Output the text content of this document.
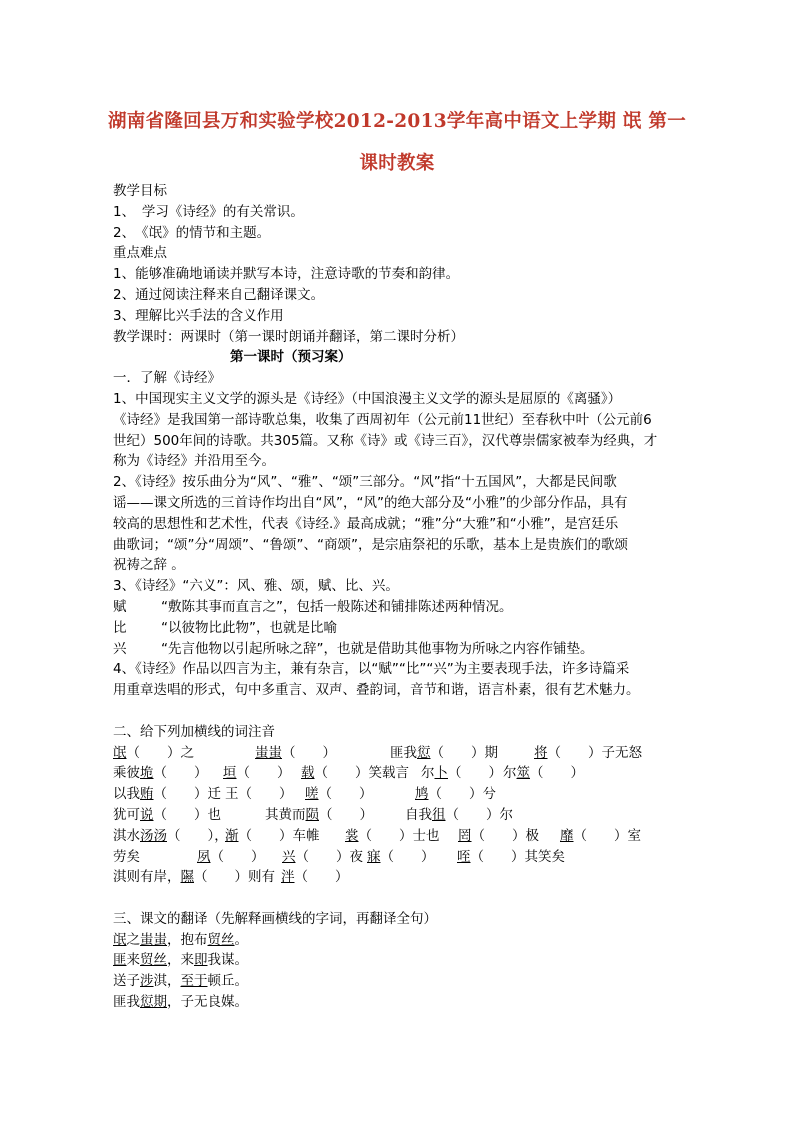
湖南省隆回县万和实验学校2012-2013学年高中语文上学期 氓 第一
课时教案
教学目标
1、　学习《诗经》的有关常识。
2、　《氓》的情节和主题。
重点难点
1、能够准确地诵读并默写本诗，注意诗歌的节奏和韵律。
2、通过阅读注释来自己翻译课文。
3、理解比兴手法的含义作用
教学课时：两课时（第一课时朗诵并翻译，第二课时分析）
第一课时（预习案）
一．了解《诗经》
1、中国现实主义文学的源头是《诗经》（中国浪漫主义文学的源头是屈原的《离骚》）
《诗经》是我国第一部诗歌总集，收集了西周初年（公元前11世纪）至春秋中叶（公元前6
世纪）500年间的诗歌。共305篇。又称《诗》或《诗三百》，汉代尊崇儒家被奉为经典，才
称为《诗经》并沿用至今。
2、《诗经》按乐曲分为“风”、“雅”、“颂”三部分。“风”指“十五国风”，大都是民间歌
谣——课文所选的三首诗作均出自“风”，“风”的绝大部分及“小雅”的少部分作品，具有
较高的思想性和艺术性，代表《诗经.》最高成就；“雅”分“大雅”和“小雅”，是宫廷乐
曲歌词；“颂”分“周颂”、“鲁颂”、“商颂”，是宗庙祭祀的乐歌，基本上是贵族们的歌颂
祝祷之辞 。
3、《诗经》“六义”：风、雅、颂，赋、比、兴。
赋	“敷陈其事而直言之”，包括一般陈述和铺排陈述两种情况。
比	“以彼物比此物”，也就是比喻
兴	“先言他物以引起所咏之辞”，也就是借助其他事物为所咏之内容作铺垫。
4、《诗经》作品以四言为主，兼有杂言，以“赋”“比”“兴”为主要表现手法，许多诗篇采
用重章迭唱的形式，句中多重言、双声、叠韵词，音节和谐，语言朴素，很有艺术魅力。
二、给下列加横线的词注音
氓（　　）之	蚩蚩（　　）	匪我愆（　　）期	将（　　）子无怒
乘彼垝（　　） 垣（　　） 载（　　）笑载言 尔卜（　　）尔筮（　　）
以我贿（　　）迁 王（　　） 嗟（　　）	鸠（　　）兮
犹可说（　　）也	其黄而陨（　　） 自我徂（　　）尔
淇水汤汤（　　），渐（　　）车帷 裳（　　）士也 罔（　　）极 靡（　　）室
劳矣	夙（　　） 兴（　　）夜 寐（　　） 咥（　　）其笑矣
淇则有岸，隰（　　）则有 泮（　　）
三、课文的翻译（先解释画横线的字词，再翻译全句）
氓之蚩蚩，抱布贸丝。
匪来贸丝，来即我谋。
送子涉淇，至于顿丘。
匪我愆期，子无良媒。
